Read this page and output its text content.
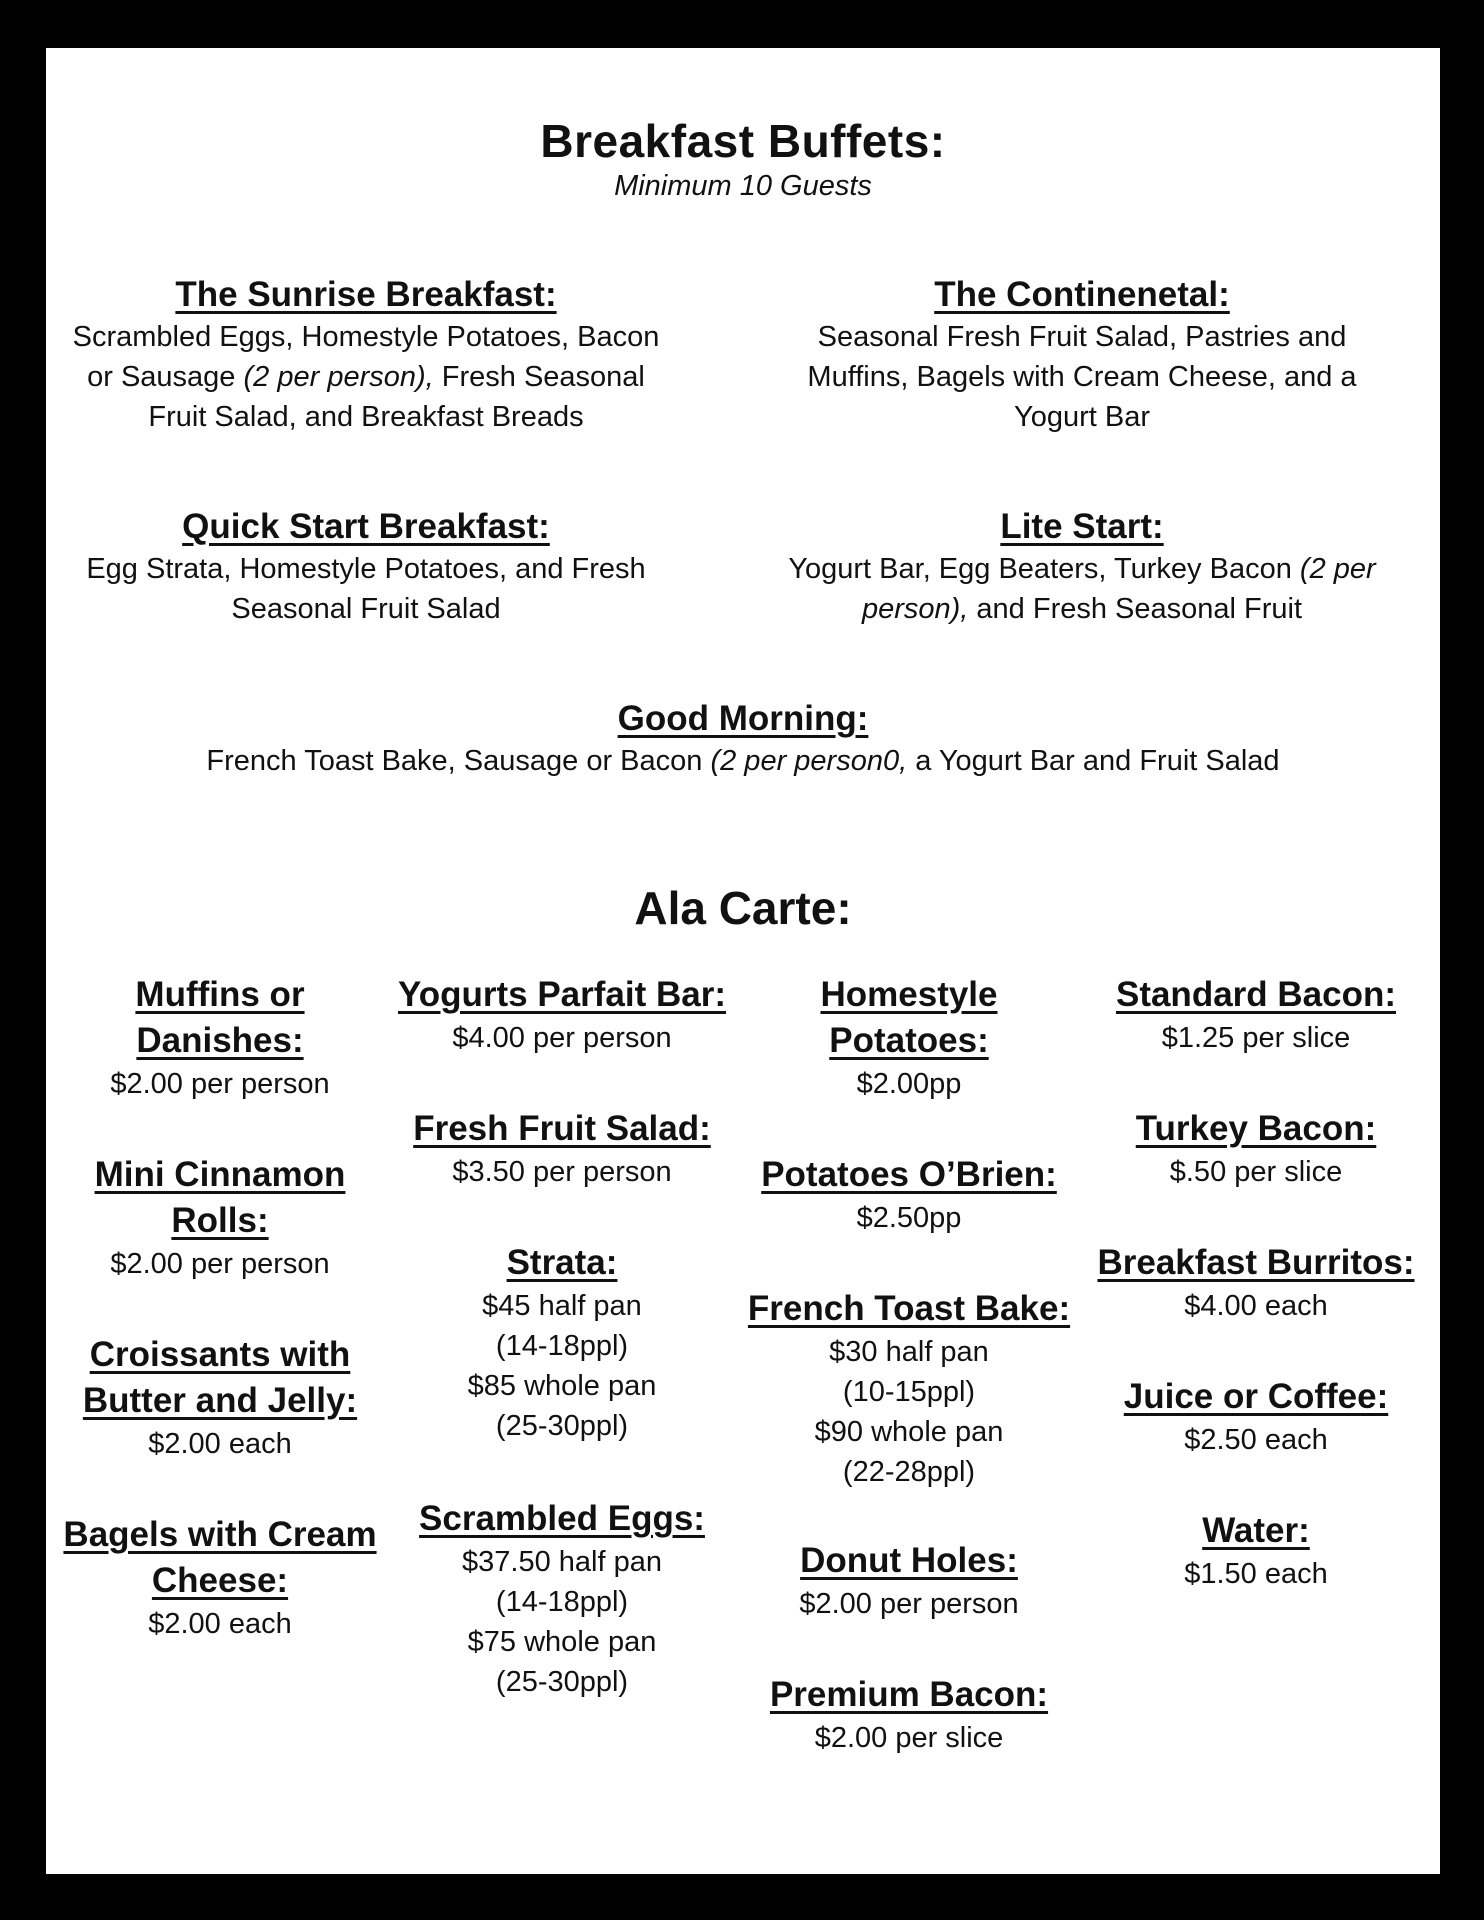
Breakfast Buffets:
Minimum 10 Guests
The Sunrise Breakfast:
Scrambled Eggs, Homestyle Potatoes, Bacon
or Sausage (2 per person), Fresh Seasonal
Fruit Salad, and Breakfast Breads
The Continenetal:
Seasonal Fresh Fruit Salad, Pastries and
Muffins, Bagels with Cream Cheese, and a
Yogurt Bar
Quick Start Breakfast:
Egg Strata, Homestyle Potatoes, and Fresh
Seasonal Fruit Salad
Lite Start:
Yogurt Bar, Egg Beaters, Turkey Bacon (2 per
person), and Fresh Seasonal Fruit
Good Morning:
French Toast Bake, Sausage or Bacon (2 per person0, a Yogurt Bar and Fruit Salad
Ala Carte:
Muffins or
Danishes:
$2.00 per person
Mini Cinnamon
Rolls:
$2.00 per person
Croissants with
Butter and Jelly:
$2.00 each
Bagels with Cream
Cheese:
$2.00 each
Yogurts Parfait Bar:
$4.00 per person
Fresh Fruit Salad:
$3.50 per person
Strata:
$45 half pan
(14-18ppl)
$85 whole pan
(25-30ppl)
Scrambled Eggs:
$37.50 half pan
(14-18ppl)
$75 whole pan
(25-30ppl)
Homestyle
Potatoes:
$2.00pp
Potatoes O’Brien:
$2.50pp
French Toast Bake:
$30 half pan
(10-15ppl)
$90 whole pan
(22-28ppl)
Donut Holes:
$2.00 per person
Premium Bacon:
$2.00 per slice
Standard Bacon:
$1.25 per slice
Turkey Bacon:
$.50 per slice
Breakfast Burritos:
$4.00 each
Juice or Coffee:
$2.50 each
Water:
$1.50 each
